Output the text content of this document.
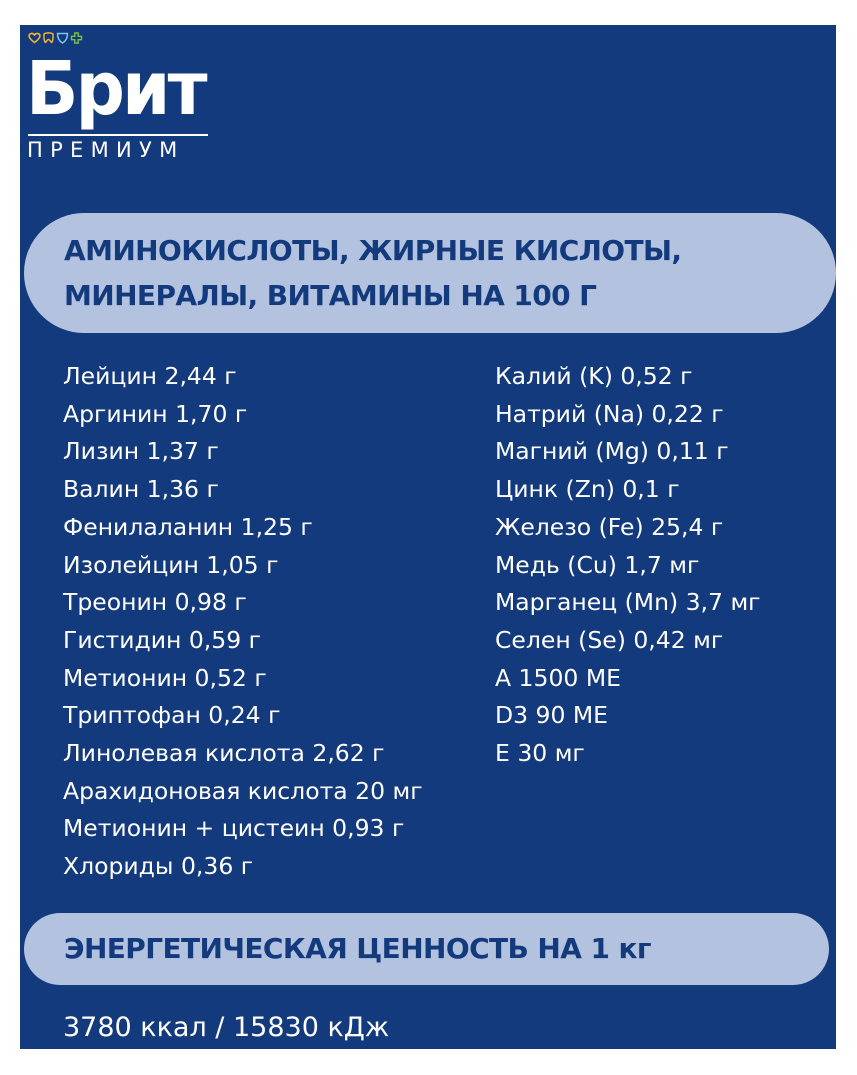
Брит
ПРЕМИУМ
АМИНОКИСЛОТЫ, ЖИРНЫЕ КИСЛОТЫ,
МИНЕРАЛЫ, ВИТАМИНЫ НА 100 Г
Лейцин 2,44 г
Аргинин 1,70 г
Лизин 1,37 г
Валин 1,36 г
Фенилаланин 1,25 г
Изолейцин 1,05 г
Треонин 0,98 г
Гистидин 0,59 г
Метионин 0,52 г
Триптофан 0,24 г
Линолевая кислота 2,62 г
Арахидоновая кислота 20 мг
Метионин + цистеин 0,93 г
Хлориды 0,36 г
Калий (K) 0,52 г
Натрий (Na) 0,22 г
Магний (Mg) 0,11 г
Цинк (Zn) 0,1 г
Железо (Fe) 25,4 г
Медь (Cu) 1,7 мг
Марганец (Mn) 3,7 мг
Селен (Se) 0,42 мг
A 1500 МЕ
D3 90 МЕ
E 30 мг
ЭНЕРГЕТИЧЕСКАЯ ЦЕННОСТЬ НА 1 кг
3780 ккал / 15830 кДж
